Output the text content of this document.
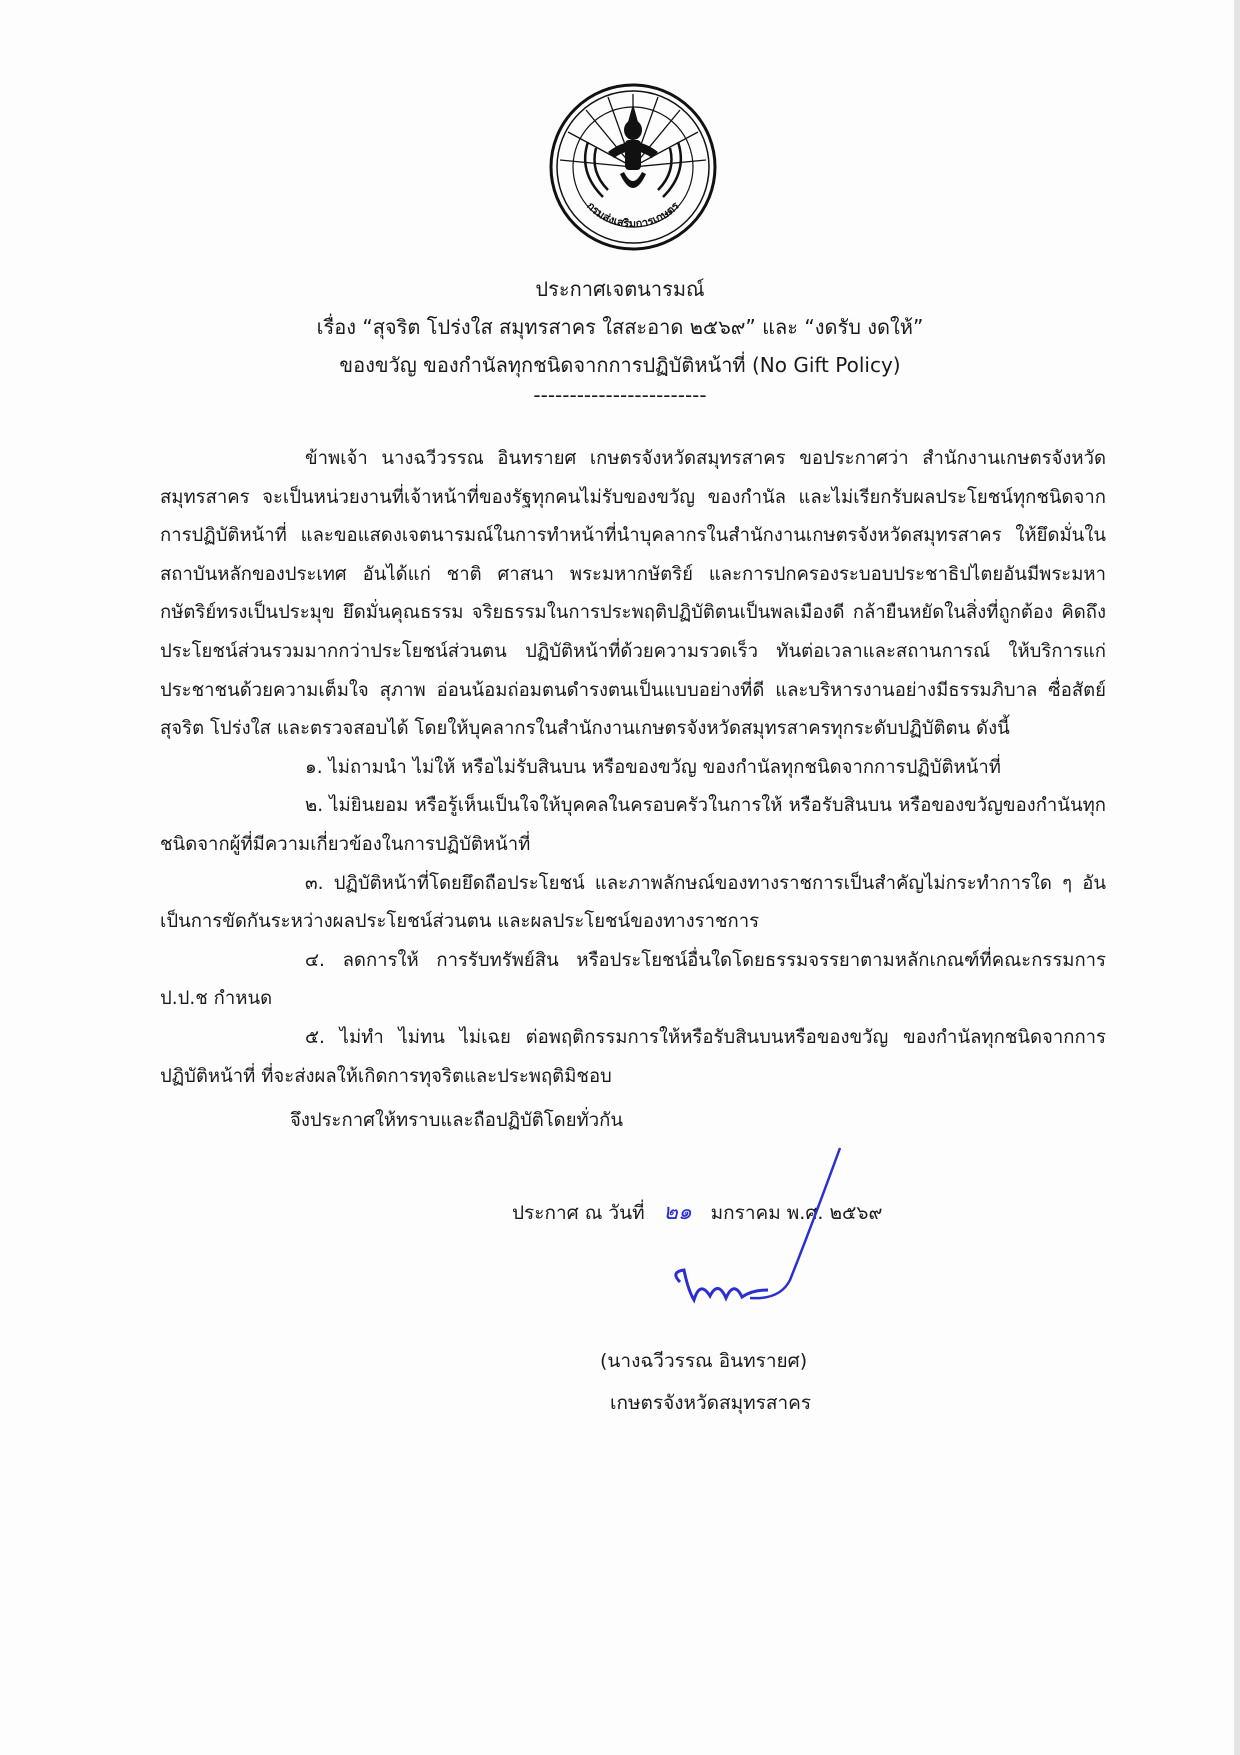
กรมส่งเสริมการเกษตร
ประกาศเจตนารมณ์
เรื่อง “สุจริต โปร่งใส สมุทรสาคร ใสสะอาด ๒๕๖๙” และ “งดรับ งดให้”
ของขวัญ ของกำนัลทุกชนิดจากการปฏิบัติหน้าที่ (No Gift Policy)
------------------------

ข้าพเจ้า นางฉวีวรรณ อินทรายศ เกษตรจังหวัดสมุทรสาคร ขอประกาศว่า สำนักงานเกษตรจังหวัดสมุทรสาคร จะเป็นหน่วยงานที่เจ้าหน้าที่ของรัฐทุกคนไม่รับของขวัญ ของกำนัล และไม่เรียกรับผลประโยชน์ทุกชนิดจากการปฏิบัติหน้าที่ และขอแสดงเจตนารมณ์ในการทำหน้าที่นำบุคลากรในสำนักงานเกษตรจังหวัดสมุทรสาคร ให้ยึดมั่นในสถาบันหลักของประเทศ อันได้แก่ ชาติ ศาสนา พระมหากษัตริย์ และการปกครองระบอบประชาธิปไตยอันมีพระมหากษัตริย์ทรงเป็นประมุข ยึดมั่นคุณธรรม จริยธรรมในการประพฤติปฏิบัติตนเป็นพลเมืองดี กล้ายืนหยัดในสิ่งที่ถูกต้อง คิดถึงประโยชน์ส่วนรวมมากกว่าประโยชน์ส่วนตน ปฏิบัติหน้าที่ด้วยความรวดเร็ว ทันต่อเวลาและสถานการณ์ ให้บริการแก่ประชาชนด้วยความเต็มใจ สุภาพ อ่อนน้อมถ่อมตนดำรงตนเป็นแบบอย่างที่ดี และบริหารงานอย่างมีธรรมภิบาล ซื่อสัตย์สุจริต โปร่งใส และตรวจสอบได้ โดยให้บุคลากรในสำนักงานเกษตรจังหวัดสมุทรสาครทุกระดับปฏิบัติตน ดังนี้

๑. ไม่ถามนำ ไม่ให้ หรือไม่รับสินบน หรือของขวัญ ของกำนัลทุกชนิดจากการปฏิบัติหน้าที่

๒. ไม่ยินยอม หรือรู้เห็นเป็นใจให้บุคคลในครอบครัวในการให้ หรือรับสินบน หรือของขวัญของกำนันทุกชนิดจากผู้ที่มีความเกี่ยวข้องในการปฏิบัติหน้าที่

๓. ปฏิบัติหน้าที่โดยยึดถือประโยชน์ และภาพลักษณ์ของทางราชการเป็นสำคัญไม่กระทำการใด ๆ อันเป็นการขัดกันระหว่างผลประโยชน์ส่วนตน และผลประโยชน์ของทางราชการ

๔. ลดการให้ การรับทรัพย์สิน หรือประโยชน์อื่นใดโดยธรรมจรรยาตามหลักเกณฑ์ที่คณะกรรมการ ป.ป.ช กำหนด

๕. ไม่ทำ ไม่ทน ไม่เฉย ต่อพฤติกรรมการให้หรือรับสินบนหรือของขวัญ ของกำนัลทุกชนิดจากการปฏิบัติหน้าที่ ที่จะส่งผลให้เกิดการทุจริตและประพฤติมิชอบ

จึงประกาศให้ทราบและถือปฏิบัติโดยทั่วกัน

ประกาศ ณ วันที่ ๒๑ มกราคม พ.ศ. ๒๕๖๙
(นางฉวีวรรณ อินทรายศ)
เกษตรจังหวัดสมุทรสาคร
